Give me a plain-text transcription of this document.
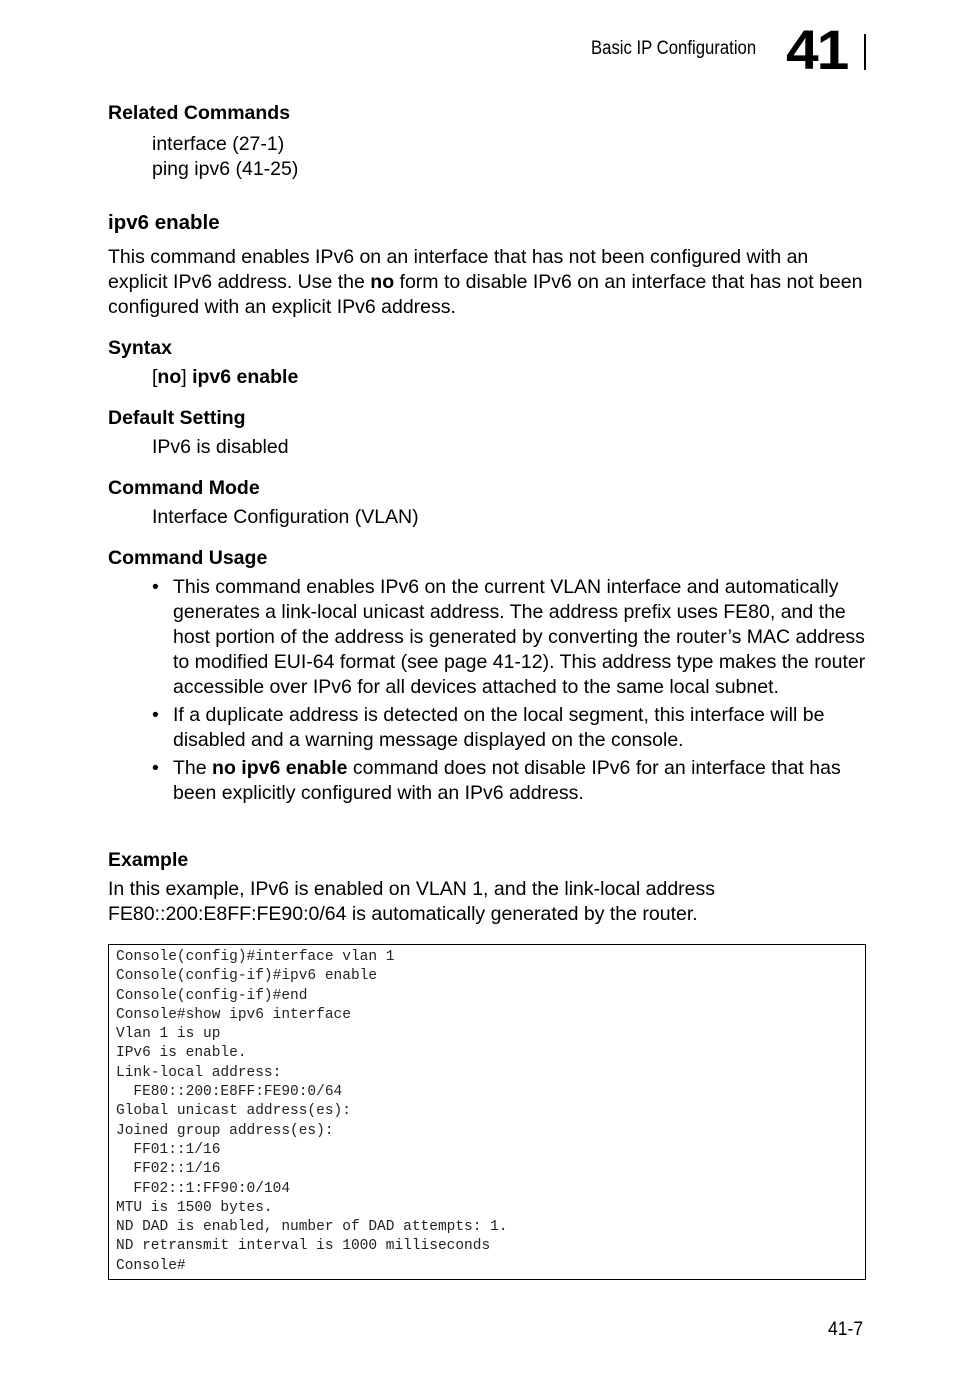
Basic IP Configuration 41
Related Commands
interface (27-1)
ping ipv6 (41-25)
ipv6 enable
This command enables IPv6 on an interface that has not been configured with an explicit IPv6 address. Use the no form to disable IPv6 on an interface that has not been configured with an explicit IPv6 address.
Syntax
[no] ipv6 enable
Default Setting
IPv6 is disabled
Command Mode
Interface Configuration (VLAN)
Command Usage
• This command enables IPv6 on the current VLAN interface and automatically generates a link-local unicast address. The address prefix uses FE80, and the host portion of the address is generated by converting the router’s MAC address to modified EUI-64 format (see page 41-12). This address type makes the router accessible over IPv6 for all devices attached to the same local subnet.
• If a duplicate address is detected on the local segment, this interface will be disabled and a warning message displayed on the console.
• The no ipv6 enable command does not disable IPv6 for an interface that has been explicitly configured with an IPv6 address.
Example
In this example, IPv6 is enabled on VLAN 1, and the link-local address FE80::200:E8FF:FE90:0/64 is automatically generated by the router.
Console(config)#interface vlan 1
Console(config-if)#ipv6 enable
Console(config-if)#end
Console#show ipv6 interface
Vlan 1 is up
IPv6 is enable.
Link-local address:
FE80::200:E8FF:FE90:0/64
Global unicast address(es):
Joined group address(es):
FF01::1/16
FF02::1/16
FF02::1:FF90:0/104
MTU is 1500 bytes.
ND DAD is enabled, number of DAD attempts: 1.
ND retransmit interval is 1000 milliseconds
Console#
41-7
